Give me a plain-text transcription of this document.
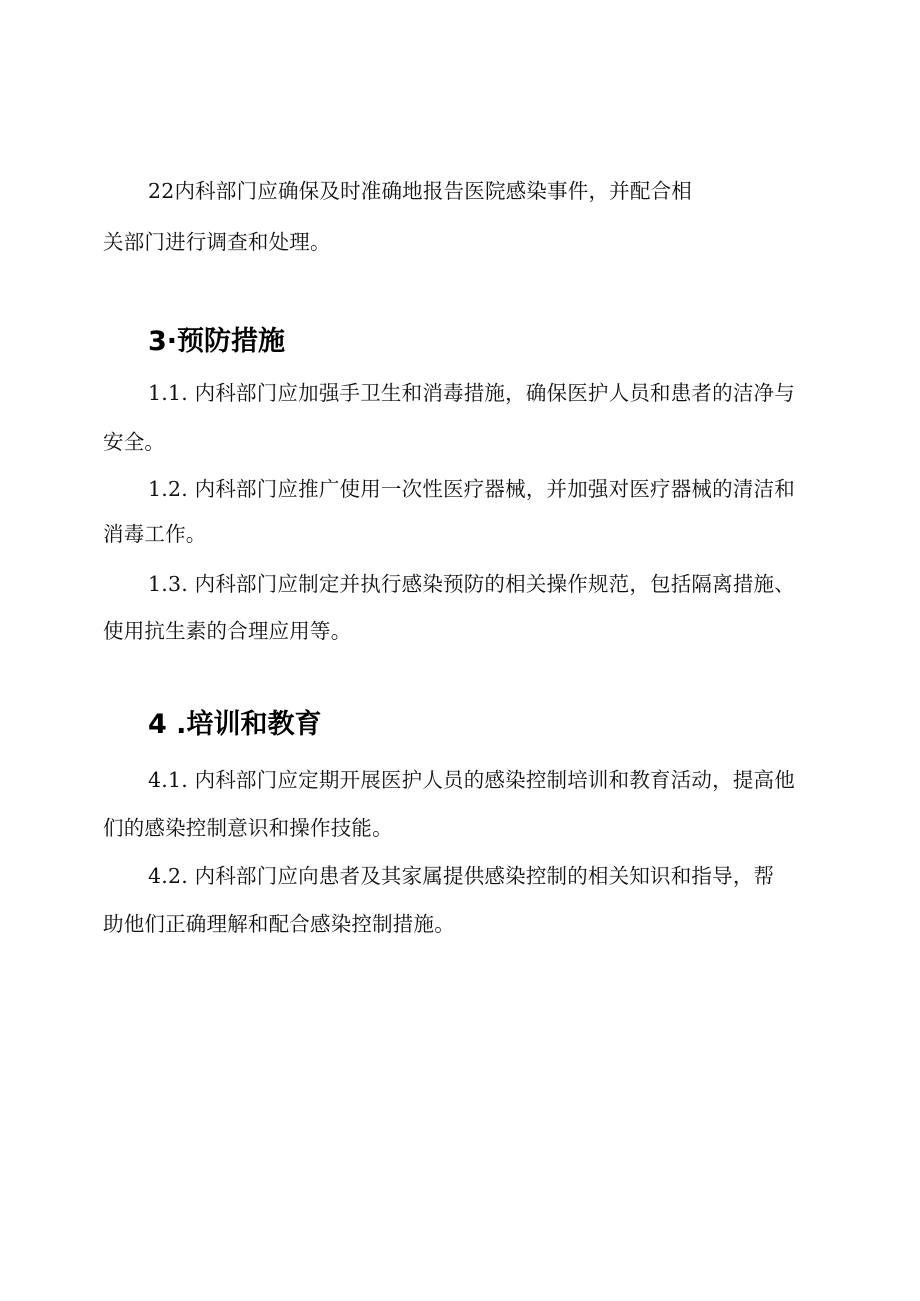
22内科部门应确保及时准确地报告医院感染事件，并配合相
关部门进行调查和处理。
3·预防措施
1.1. 内科部门应加强手卫生和消毒措施，确保医护人员和患者的洁净与
安全。
1.2. 内科部门应推广使用一次性医疗器械，并加强对医疗器械的清洁和
消毒工作。
1.3. 内科部门应制定并执行感染预防的相关操作规范，包括隔离措施、
使用抗生素的合理应用等。
4 .培训和教育
4.1. 内科部门应定期开展医护人员的感染控制培训和教育活动，提高他
们的感染控制意识和操作技能。
4.2. 内科部门应向患者及其家属提供感染控制的相关知识和指导，帮
助他们正确理解和配合感染控制措施。
